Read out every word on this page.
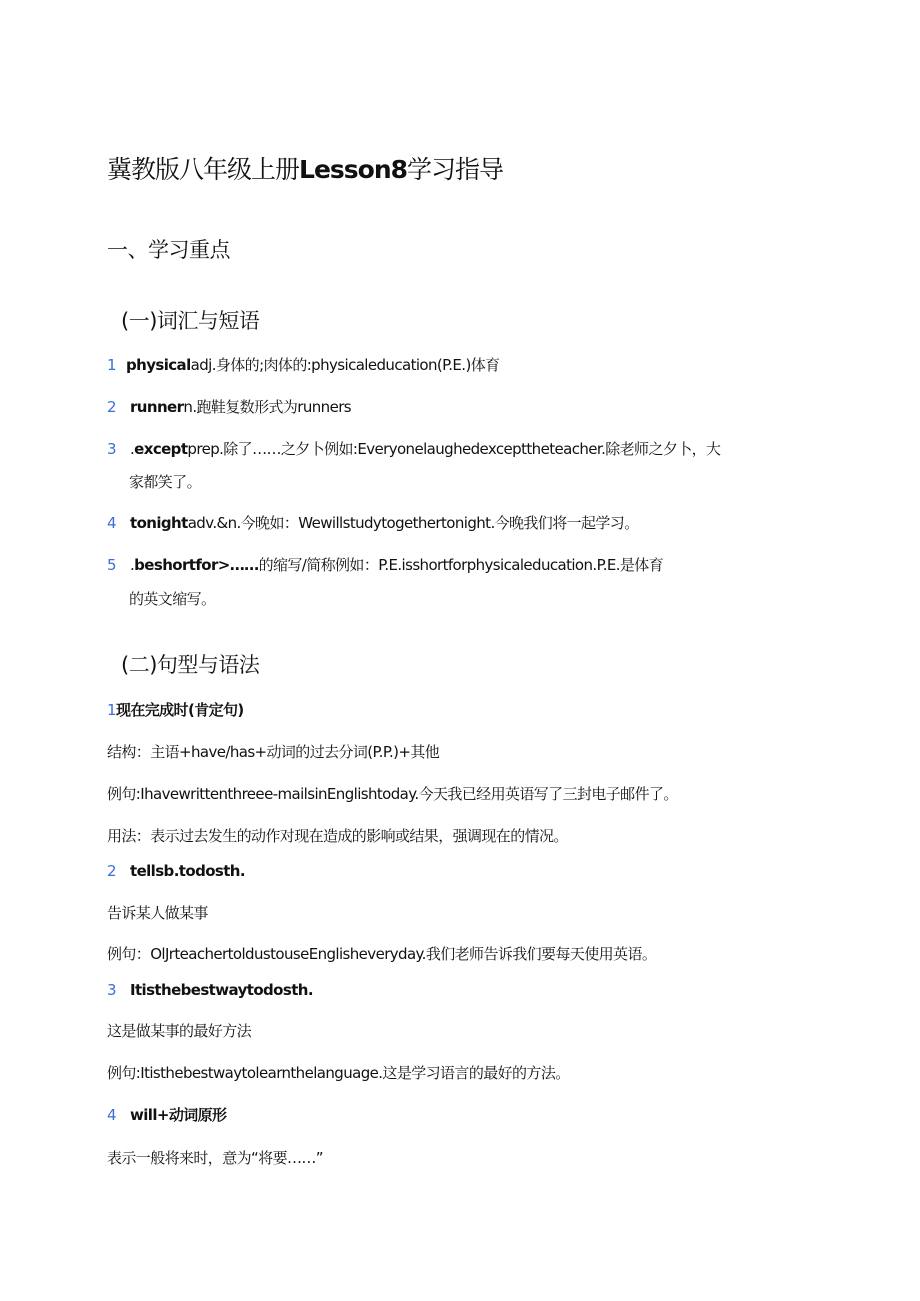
冀教版八年级上册Lesson8学习指导
一、学习重点
(一)词汇与短语
1 physicaladj.身体的;肉体的:physicaleducation(P.E.)体育
2 runnern.跑鞋复数形式为runners
3 .exceptprep.除了……之夕卜例如:Everyonelaughedexcepttheteacher.除老师之夕卜，大
家都笑了。
4 tonightadv.&n.今晚如：Wewillstudytogethertonight.今晚我们将一起学习。
5 .beshortfor>……的缩写/简称例如：P.E.isshortforphysicaleducation.P.E.是体育
的英文缩写。
(二)句型与语法
1现在完成时(肯定句)
结构：主语+have/has+动词的过去分词(P.P.)+其他
例句:Ihavewrittenthreee-mailsinEnglishtoday.今天我已经用英语写了三封电子邮件了。
用法：表示过去发生的动作对现在造成的影响或结果，强调现在的情况。
2 tellsb.todosth.
告诉某人做某事
例句：OlJrteachertoldustouseEnglisheveryday.我们老师告诉我们要每天使用英语。
3 Itisthebestwaytodosth.
这是做某事的最好方法
例句:Itisthebestwaytolearnthelanguage.这是学习语言的最好的方法。
4 will+动词原形
表示一般将来时，意为“将要……”
